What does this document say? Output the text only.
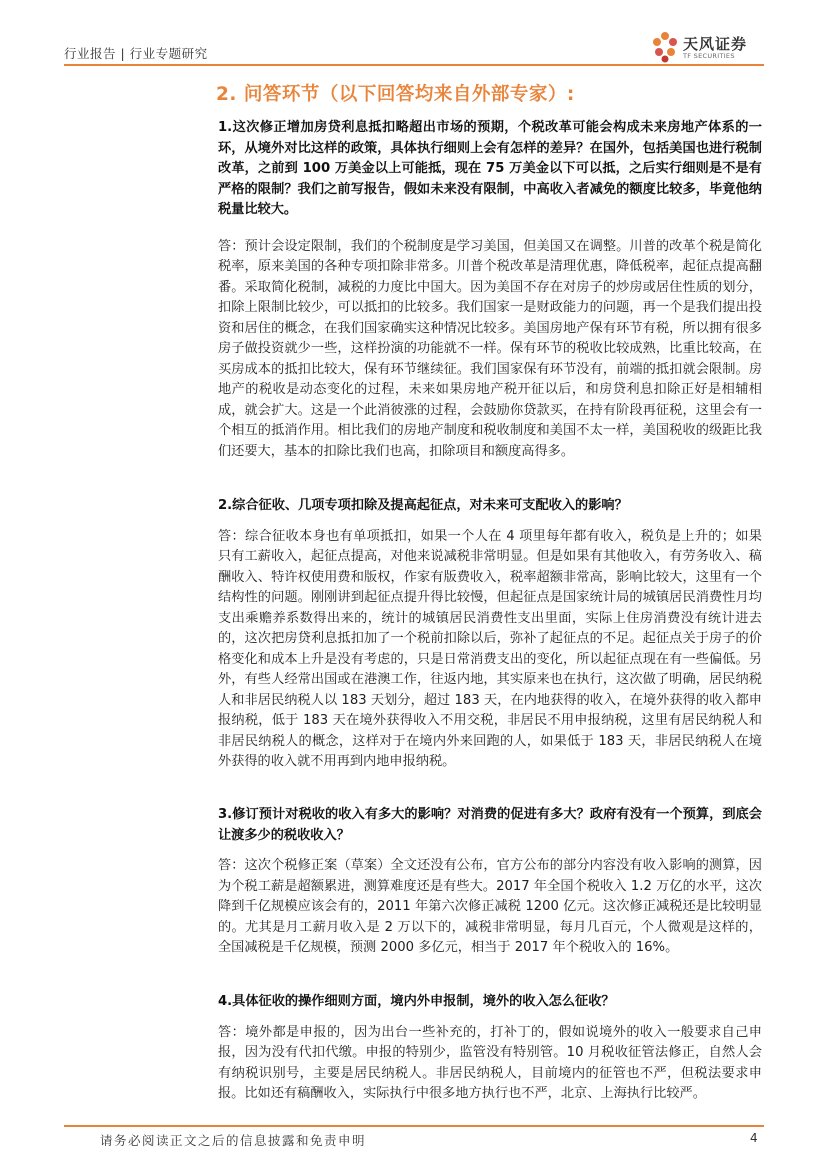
行业报告 | 行业专题研究
天风证券
TF SECURITIES
2. 问答环节（以下回答均来自外部专家）:

1.这次修正增加房贷利息抵扣略超出市场的预期，个税改革可能会构成未来房地产体系的一环，从境外对比这样的政策，具体执行细则上会有怎样的差异？在国外，包括美国也进行税制改革，之前到 100 万美金以上可能抵，现在 75 万美金以下可以抵，之后实行细则是不是有严格的限制？我们之前写报告，假如未来没有限制，中高收入者减免的额度比较多，毕竟他纳税量比较大。

答：预计会设定限制，我们的个税制度是学习美国，但美国又在调整。川普的改革个税是简化税率，原来美国的各种专项扣除非常多。川普个税改革是清理优惠，降低税率，起征点提高翻番。采取简化税制，减税的力度比中国大。因为美国不存在对房子的炒房或居住性质的划分，扣除上限制比较少，可以抵扣的比较多。我们国家一是财政能力的问题，再一个是我们提出投资和居住的概念，在我们国家确实这种情况比较多。美国房地产保有环节有税，所以拥有很多房子做投资就少一些，这样扮演的功能就不一样。保有环节的税收比较成熟，比重比较高，在买房成本的抵扣比较大，保有环节继续征。我们国家保有环节没有，前端的抵扣就会限制。房地产的税收是动态变化的过程，未来如果房地产税开征以后，和房贷利息扣除正好是相辅相成，就会扩大。这是一个此消彼涨的过程，会鼓励你贷款买，在持有阶段再征税，这里会有一个相互的抵消作用。相比我们的房地产制度和税收制度和美国不太一样，美国税收的级距比我们还要大，基本的扣除比我们也高，扣除项目和额度高得多。

2.综合征收、几项专项扣除及提高起征点，对未来可支配收入的影响？

答：综合征收本身也有单项抵扣，如果一个人在 4 项里每年都有收入，税负是上升的；如果只有工薪收入，起征点提高，对他来说减税非常明显。但是如果有其他收入，有劳务收入、稿酬收入、特许权使用费和版权，作家有版费收入，税率超额非常高，影响比较大，这里有一个结构性的问题。刚刚讲到起征点提升得比较慢，但起征点是国家统计局的城镇居民消费性月均支出乘赡养系数得出来的，统计的城镇居民消费性支出里面，实际上住房消费没有统计进去的，这次把房贷利息抵扣加了一个税前扣除以后，弥补了起征点的不足。起征点关于房子的价格变化和成本上升是没有考虑的，只是日常消费支出的变化，所以起征点现在有一些偏低。另外，有些人经常出国或在港澳工作，往返内地，其实原来也在执行，这次做了明确，居民纳税人和非居民纳税人以 183 天划分，超过 183 天，在内地获得的收入，在境外获得的收入都申报纳税，低于 183 天在境外获得收入不用交税，非居民不用申报纳税，这里有居民纳税人和非居民纳税人的概念，这样对于在境内外来回跑的人，如果低于 183 天，非居民纳税人在境外获得的收入就不用再到内地申报纳税。

3.修订预计对税收的收入有多大的影响？对消费的促进有多大？政府有没有一个预算，到底会让渡多少的税收收入？

答：这次个税修正案（草案）全文还没有公布，官方公布的部分内容没有收入影响的测算，因为个税工薪是超额累进，测算难度还是有些大。2017 年全国个税收入 1.2 万亿的水平，这次降到千亿规模应该会有的，2011 年第六次修正减税 1200 亿元。这次修正减税还是比较明显的。尤其是月工薪月收入是 2 万以下的，减税非常明显，每月几百元，个人微观是这样的，全国减税是千亿规模，预测 2000 多亿元，相当于 2017 年个税收入的 16%。

4.具体征收的操作细则方面，境内外申报制，境外的收入怎么征收？

答：境外都是申报的，因为出台一些补充的，打补丁的，假如说境外的收入一般要求自己申报，因为没有代扣代缴。申报的特别少，监管没有特别管。10 月税收征管法修正，自然人会有纳税识别号，主要是居民纳税人。非居民纳税人，目前境内的征管也不严，但税法要求申报。比如还有稿酬收入，实际执行中很多地方执行也不严，北京、上海执行比较严。

请务必阅读正文之后的信息披露和免责申明	4
